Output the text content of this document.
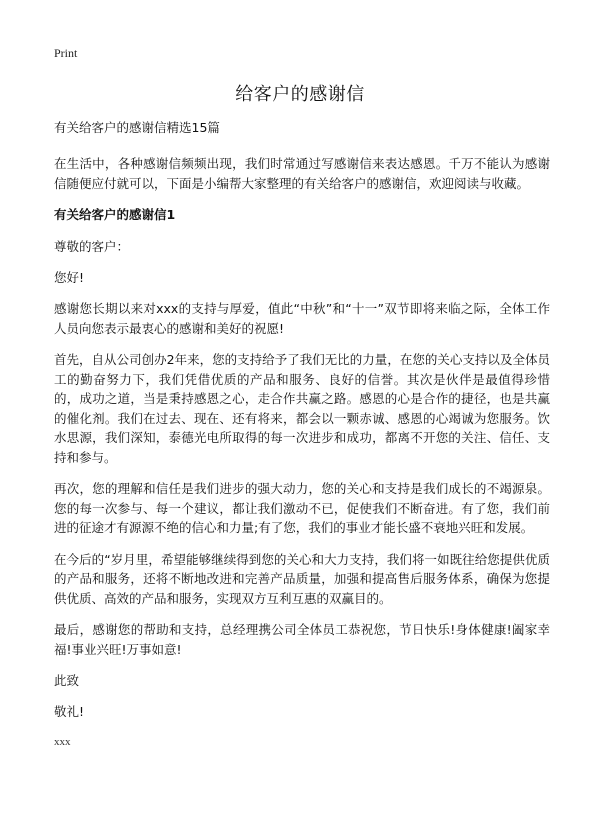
Print
给客户的感谢信
有关给客户的感谢信精选15篇

在生活中，各种感谢信频频出现，我们时常通过写感谢信来表达感恩。千万不能认为感谢信随便应付就可以，下面是小编帮大家整理的有关给客户的感谢信，欢迎阅读与收藏。

有关给客户的感谢信1
尊敬的客户：
您好!

感谢您长期以来对xxx的支持与厚爱，值此“中秋”和“十一”双节即将来临之际，全体工作人员向您表示最衷心的感谢和美好的祝愿!

首先，自从公司创办2年来，您的支持给予了我们无比的力量，在您的关心支持以及全体员工的勤奋努力下，我们凭借优质的产品和服务、良好的信誉。其次是伙伴是最值得珍惜的，成功之道，当是秉持感恩之心，走合作共赢之路。感恩的心是合作的捷径，也是共赢的催化剂。我们在过去、现在、还有将来，都会以一颗赤诚、感恩的心竭诚为您服务。饮水思源，我们深知，泰德光电所取得的每一次进步和成功，都离不开您的关注、信任、支持和参与。

再次，您的理解和信任是我们进步的强大动力，您的关心和支持是我们成长的不竭源泉。您的每一次参与、每一个建议，都让我们激动不已，促使我们不断奋进。有了您，我们前进的征途才有源源不绝的信心和力量;有了您，我们的事业才能长盛不衰地兴旺和发展。

在今后的“岁月里，希望能够继续得到您的关心和大力支持，我们将一如既往给您提供优质的产品和服务，还将不断地改进和完善产品质量，加强和提高售后服务体系，确保为您提供优质、高效的产品和服务，实现双方互利互惠的双赢目的。

最后，感谢您的帮助和支持，总经理携公司全体员工恭祝您，节日快乐!身体健康!阖家幸福!事业兴旺!万事如意!

此致
敬礼!
xxx
